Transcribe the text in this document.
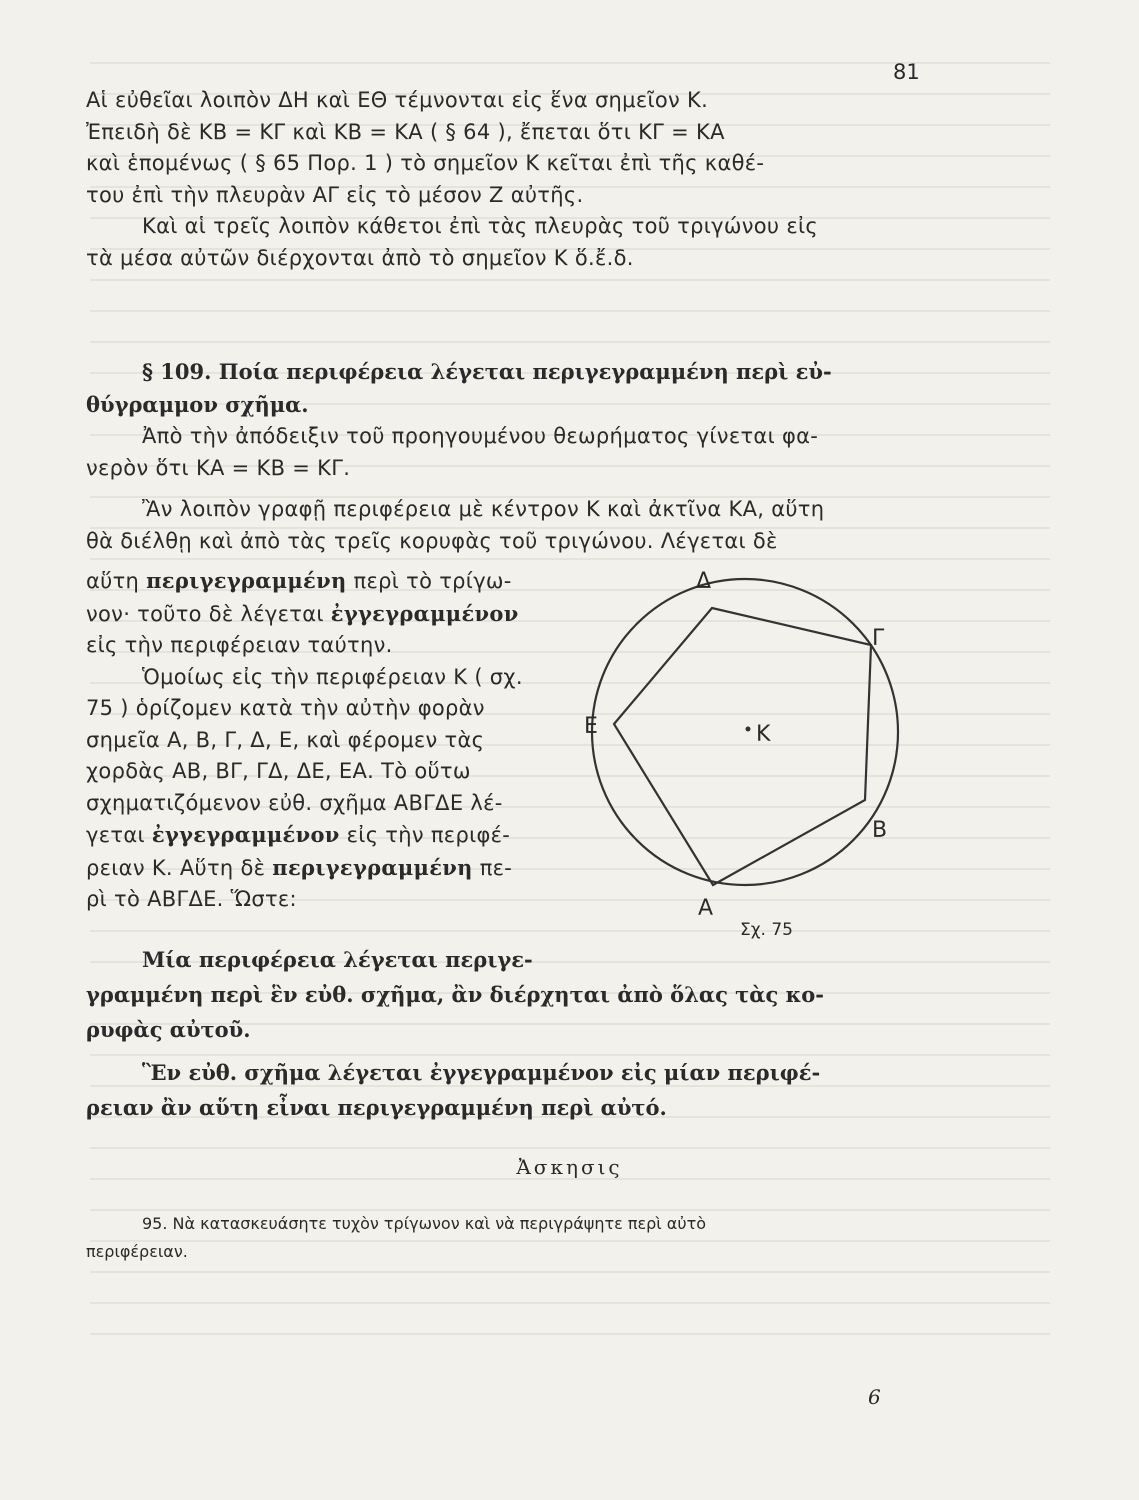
81
Αἱ εὐθεῖαι λοιπὸν ΔΗ καὶ ΕΘ τέμνονται εἰς ἕνα σημεῖον Κ.
Ἐπειδὴ δὲ ΚΒ = ΚΓ καὶ ΚΒ = ΚΑ ( § 64 ), ἔπεται ὅτι ΚΓ = ΚΑ
καὶ ἑπομένως ( § 65 Πορ. 1 ) τὸ σημεῖον Κ κεῖται ἐπὶ τῆς καθέ-
του ἐπὶ τὴν πλευρὰν ΑΓ εἰς τὸ μέσον Ζ αὐτῆς.
Καὶ αἱ τρεῖς λοιπὸν κάθετοι ἐπὶ τὰς πλευρὰς τοῦ τριγώνου εἰς
τὰ μέσα αὐτῶν διέρχονται ἀπὸ τὸ σημεῖον Κ ὅ.ἔ.δ.
§ 109. Ποία περιφέρεια λέγεται περιγεγραμμένη περὶ εὐ-
θύγραμμον σχῆμα.
Ἀπὸ τὴν ἀπόδειξιν τοῦ προηγουμένου θεωρήματος γίνεται φα-
νερὸν ὅτι ΚΑ = ΚΒ = ΚΓ.
Ἂν λοιπὸν γραφῇ περιφέρεια μὲ κέντρον Κ καὶ ἀκτῖνα ΚΑ, αὕτη
θὰ διέλθῃ καὶ ἀπὸ τὰς τρεῖς κορυφὰς τοῦ τριγώνου. Λέγεται δὲ
αὕτη περιγεγραμμένη περὶ τὸ τρίγω-
νον· τοῦτο δὲ λέγεται ἐγγεγραμμένον
εἰς τὴν περιφέρειαν ταύτην.
Ὁμοίως εἰς τὴν περιφέρειαν Κ ( σχ.
75 ) ὁρίζομεν κατὰ τὴν αὐτὴν φορὰν
σημεῖα Α, Β, Γ, Δ, Ε, καὶ φέρομεν τὰς
χορδὰς ΑΒ, ΒΓ, ΓΔ, ΔΕ, ΕΑ. Τὸ οὕτω
σχηματιζόμενον εὐθ. σχῆμα ΑΒΓΔΕ λέ-
γεται ἐγγεγραμμένον εἰς τὴν περιφέ-
ρειαν Κ. Αὕτη δὲ περιγεγραμμένη πε-
ρὶ τὸ ΑΒΓΔΕ. Ὥστε:	Α
Β
Γ
Δ
Ε	Κ
Σχ. 75
Μία περιφέρεια λέγεται περιγε-
γραμμένη περὶ ἓν εὐθ. σχῆμα, ἂν διέρχηται ἀπὸ ὅλας τὰς κο-
ρυφὰς αὐτοῦ.
Ἓν εὐθ. σχῆμα λέγεται ἐγγεγραμμένον εἰς μίαν περιφέ-
ρειαν ἂν αὕτη εἶναι περιγεγραμμένη περὶ αὐτό.
Ἀσκησις
95. Νὰ κατασκευάσητε τυχὸν τρίγωνον καὶ νὰ περιγράψητε περὶ αὐτὸ
περιφέρειαν.
6
